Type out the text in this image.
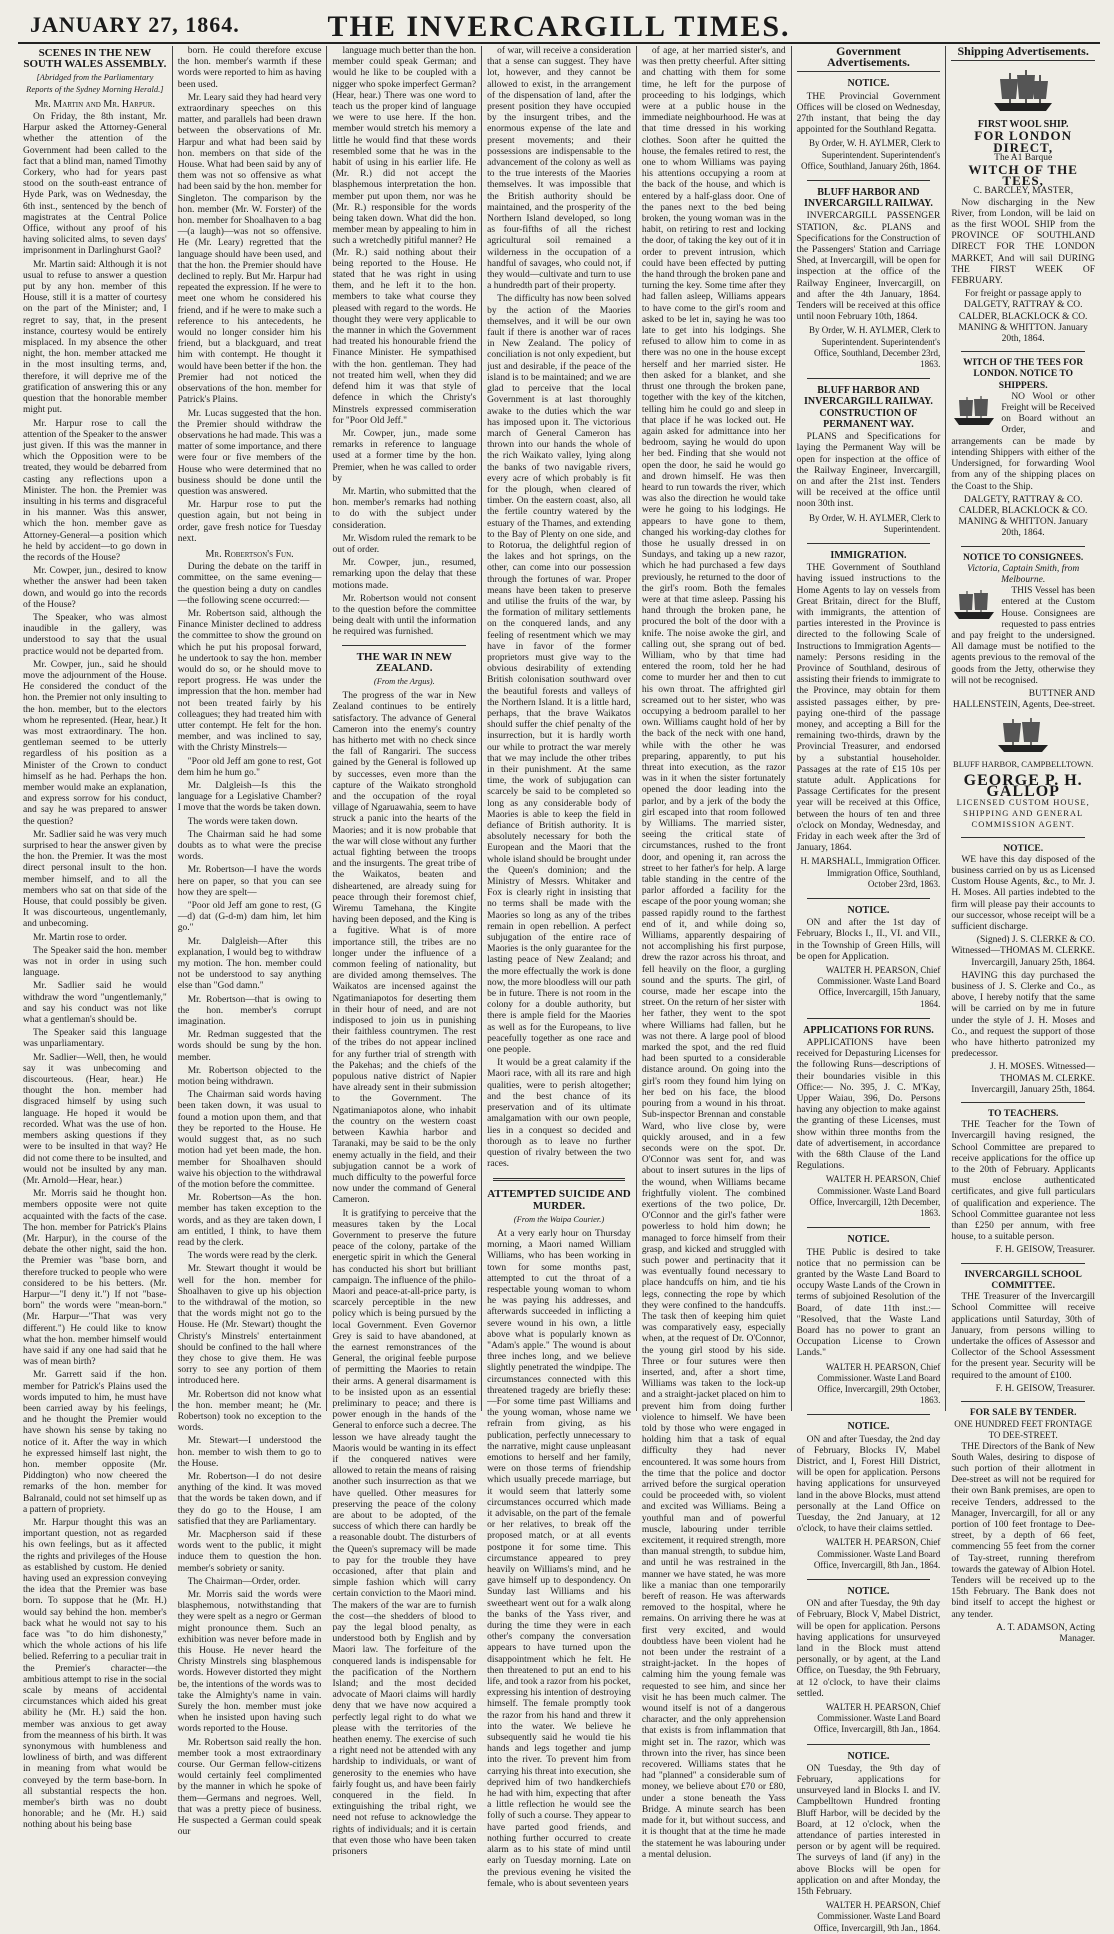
JANUARY 27, 1864.	THE INVERCARGILL TIMES.
SCENES IN THE NEW SOUTH WALES ASSEMBLY.
[Abridged from the Parliamentary Reports of the Sydney Morning Herald.]
Mr. Martin and Mr. Harpur.

On Friday, the 8th instant, Mr. Harpur asked the Attorney-General whether the attention of the Government had been called to the fact that a blind man, named Timothy Corkery, who had for years past stood on the south-east entrance of Hyde Park, was on Wednesday, the 6th inst., sentenced by the bench of magistrates at the Central Police Office, without any proof of his having solicited alms, to seven days' imprisonment in Darlinghurst Gaol?

Mr. Martin said: Although it is not usual to refuse to answer a question put by any hon. member of this House, still it is a matter of courtesy on the part of the Minister; and, I regret to say, that, in the present instance, courtesy would be entirely misplaced. In my absence the other night, the hon. member attacked me in the most insulting terms, and, therefore, it will deprive me of the gratification of answering this or any question that the honorable member might put.

Mr. Harpur rose to call the attention of the Speaker to the answer just given. If this was the manner in which the Opposition were to be treated, they would be debarred from casting any reflections upon a Minister. The hon. the Premier was insulting in his terms and disgraceful in his manner. Was this answer, which the hon. member gave as Attorney-General—a position which he held by accident—to go down in the records of the House?

Mr. Cowper, jun., desired to know whether the answer had been taken down, and would go into the records of the House?

The Speaker, who was almost inaudible in the gallery, was understood to say that the usual practice would not be departed from.

Mr. Cowper, jun., said he should move the adjournment of the House. He considered the conduct of the hon. the Premier not only insulting to the hon. member, but to the electors whom he represented. (Hear, hear.) It was most extraordinary. The hon. gentleman seemed to be utterly regardless of his position as a Minister of the Crown to conduct himself as he had. Perhaps the hon. member would make an explanation, and express sorrow for his conduct, and say he was prepared to answer the question?

Mr. Sadlier said he was very much surprised to hear the answer given by the hon. the Premier. It was the most direct personal insult to the hon. member himself, and to all the members who sat on that side of the House, that could possibly be given. It was discourteous, ungentlemanly, and unbecoming.

Mr. Martin rose to order.

The Speaker said the hon. member was not in order in using such language.

Mr. Sadlier said he would withdraw the word "ungentlemanly," and say his conduct was not like what a gentleman's should be.

The Speaker said this language was unparliamentary.

Mr. Sadlier—Well, then, he would say it was unbecoming and discourteous. (Hear, hear.) He thought the hon. member had disgraced himself by using such language. He hoped it would be recorded. What was the use of hon. members asking questions if they were to be insulted in that way? He did not come there to be insulted, and would not be insulted by any man. (Mr. Arnold—Hear, hear.)

Mr. Morris said he thought hon. members opposite were not quite acquainted with the facts of the case. The hon. member for Patrick's Plains (Mr. Harpur), in the course of the debate the other night, said the hon. the Premier was "base born, and therefore trucked to people who were considered to be his betters. (Mr. Harpur—"I deny it.") If not "base-born" the words were "mean-born." (Mr. Harpur—"That was very different.") He could like to know what the hon. member himself would have said if any one had said that he was of mean birth?

Mr. Garrett said if the hon. member for Patrick's Plains used the words imputed to him, he must have been carried away by his feelings, and he thought the Premier would have shown his sense by taking no notice of it. After the way in which he expressed himself last night, the hon. member opposite (Mr. Piddington) who now cheered the remarks of the hon. member for Balranald, could not set himself up as a pattern of propriety.

Mr. Harpur thought this was an important question, not as regarded his own feelings, but as it affected the rights and privileges of the House as established by custom. He denied having used an expression conveying the idea that the Premier was base born. To suppose that he (Mr. H.) would say behind the hon. member's back what he would not say to his face was "to do him dishonesty," which the whole actions of his life belied. Referring to a peculiar trait in the Premier's character—the ambitious attempt to rise in the social scale by means of accidental circumstances which aided his great ability he (Mr. H.) said the hon. member was anxious to get away from the meanness of his birth. It was synonymous with humbleness and lowliness of birth, and was different in meaning from what would be conveyed by the term base-born. In all substantial respects the hon. member's birth was no doubt honorable; and he (Mr. H.) said nothing about his being base

born. He could therefore excuse the hon. member's warmth if these words were reported to him as having been used.

Mr. Leary said they had heard very extraordinary speeches on this matter, and parallels had been drawn between the observations of Mr. Harpur and what had been said by hon. members on that side of the House. What had been said by any of them was not so offensive as what had been said by the hon. member for Singleton. The comparison by the hon. member (Mr. W. Forster) of the hon. member for Shoalhaven to a bag—(a laugh)—was not so offensive. He (Mr. Leary) regretted that the language should have been used, and that the hon. the Premier should have declined to reply. But Mr. Harpur had repeated the expression. If he were to meet one whom he considered his friend, and if he were to make such a reference to his antecedents, he would no longer consider him his friend, but a blackguard, and treat him with contempt. He thought it would have been better if the hon. the Premier had not noticed the observations of the hon. member for Patrick's Plains.

Mr. Lucas suggested that the hon. the Premier should withdraw the observations he had made. This was a matter of some importance, and there were four or five members of the House who were determined that no business should be done until the question was answered.

Mr. Harpur rose to put the question again, but not being in order, gave fresh notice for Tuesday next.

Mr. Robertson's Fun.

During the debate on the tariff in committee, on the same evening—the question being a duty on candles—the following scene occurred:—

Mr. Robertson said, although the Finance Minister declined to address the committee to show the ground on which he put his proposal forward, he undertook to say the hon. member would do so, or he should move to report progress. He was under the impression that the hon. member had not been treated fairly by his colleagues; they had treated him with utter contempt. He felt for the hon. member, and was inclined to say, with the Christy Minstrels—

"Poor old Jeff am gone to rest, Got dem him he hum go."

Mr. Dalgleish—Is this the language for a Legislative Chamber? I move that the words be taken down.

The words were taken down.

The Chairman said he had some doubts as to what were the precise words.

Mr. Robertson—I have the words here on paper, so that you can see how they are spelt—

"Poor old Jeff am gone to rest, (G—d) dat (G-d-m) dam him, let him go."

Mr. Dalgleish—After this explanation, I would beg to withdraw my motion. The hon. member could not be understood to say anything else than "God damn."

Mr. Robertson—that is owing to the hon. member's corrupt imagination.

Mr. Redman suggested that the words should be sung by the hon. member.

Mr. Robertson objected to the motion being withdrawn.

The Chairman said words having been taken down, it was usual to found a motion upon them, and that they be reported to the House. He would suggest that, as no such motion had yet been made, the hon. member for Shoalhaven should waive his objection to the withdrawal of the motion before the committee.

Mr. Robertson—As the hon. member has taken exception to the words, and as they are taken down, I am entitled, I think, to have them read by the clerk.

The words were read by the clerk.

Mr. Stewart thought it would be well for the hon. member for Shoalhaven to give up his objection to the withdrawal of the motion, so that the words might not go to the House. He (Mr. Stewart) thought the Christy's Minstrels' entertainment should be confined to the hall where they chose to give them. He was sorry to see any portion of them introduced here.

Mr. Robertson did not know what the hon. member meant; he (Mr. Robertson) took no exception to the words.

Mr. Stewart—I understood the hon. member to wish them to go to the House.

Mr. Robertson—I do not desire anything of the kind. It was moved that the words be taken down, and if they do go to the House, I am satisfied that they are Parliamentary.

Mr. Macpherson said if these words went to the public, it might induce them to question the hon. member's sobriety or sanity.

The Chairman—Order, order.

Mr. Morris said the words were blasphemous, notwithstanding that they were spelt as a negro or German might pronounce them. Such an exhibition was never before made in this House. He never heard the Christy Minstrels sing blasphemous words. However distorted they might be, the intentions of the words was to take the Almighty's name in vain. Surely the hon. member must joke when he insisted upon having such words reported to the House.

Mr. Robertson said really the hon. member took a most extraordinary course. Our German fellow-citizens would certainly feel complimented by the manner in which he spoke of them—Germans and negroes. Well, that was a pretty piece of business. He suspected a German could speak our

language much better than the hon. member could speak German; and would he like to be coupled with a nigger who spoke imperfect German? (Hear, hear.) There was one word to teach us the proper kind of language we were to use here. If the hon. member would stretch his memory a little he would find that these words resembled some that he was in the habit of using in his earlier life. He (Mr. R.) did not accept the blasphemous interpretation the hon. member put upon them, nor was he (Mr. R.) responsible for the words being taken down. What did the hon. member mean by appealing to him in such a wretchedly pitiful manner? He (Mr. R.) said nothing about their being reported to the House. He stated that he was right in using them, and he left it to the hon. members to take what course they pleased with regard to the words. He thought they were very applicable to the manner in which the Government had treated his honourable friend the Finance Minister. He sympathised with the hon. gentleman. They had not treated him well, when they did defend him it was that style of defence in which the Christy's Minstrels expressed commiseration for "Poor Old Jeff."

Mr. Cowper, jun., made some remarks in reference to language used at a former time by the hon. Premier, when he was called to order by

Mr. Martin, who submitted that the hon. member's remarks had nothing to do with the subject under consideration.

Mr. Wisdom ruled the remark to be out of order.

Mr. Cowper, jun., resumed, remarking upon the delay that these motions made.

Mr. Robertson would not consent to the question before the committee being dealt with until the information he required was furnished.

THE WAR IN NEW ZEALAND.
(From the Argus).

The progress of the war in New Zealand continues to be entirely satisfactory. The advance of General Cameron into the enemy's country has hitherto met with no check since the fall of Rangariri. The success gained by the General is followed up by successes, even more than the capture of the Waikato stronghold and the occupation of the royal village of Ngaruawahia, seem to have struck a panic into the hearts of the Maories; and it is now probable that the war will close without any further actual fighting between the troops and the insurgents. The great tribe of the Waikatos, beaten and disheartened, are already suing for peace through their foremost chief, Wiremu Tamehana, the Kingite having been deposed, and the King is a fugitive. What is of more importance still, the tribes are no longer under the influence of a common feeling of nationality, but are divided among themselves. The Waikatos are incensed against the Ngatimaniapotos for deserting them in their hour of need, and are not indisposed to join us in punishing their faithless countrymen. The rest of the tribes do not appear inclined for any further trial of strength with the Pakehas; and the chiefs of the populous native district of Napier have already sent in their submission to the Government. The Ngatimaniapotos alone, who inhabit the country on the western coast between Kawhia harbor and Taranaki, may be said to be the only enemy actually in the field, and their subjugation cannot be a work of much difficulty to the powerful force now under the command of General Cameron.

It is gratifying to perceive that the measures taken by the Local Government to preserve the future peace of the colony, partake of the energetic spirit in which the General has conducted his short but brilliant campaign. The influence of the philo-Maori and peace-at-all-price party, is scarcely perceptible in the new policy which is being pursued by the local Government. Even Governor Grey is said to have abandoned, at the earnest remonstrances of the General, the original feeble purpose of permitting the Maories to retain their arms. A general disarmament is to be insisted upon as an essential preliminary to peace; and there is power enough in the hands of the General to enforce such a decree. The lesson we have already taught the Maoris would be wanting in its effect if the conquered natives were allowed to retain the means of raising another such insurrection as that we have quelled. Other measures for preserving the peace of the colony are about to be adopted, of the success of which there can hardly be a reasonable doubt. The disturbers of the Queen's supremacy will be made to pay for the trouble they have occasioned, after that plain and simple fashion which will carry certain conviction to the Maori mind. The makers of the war are to furnish the cost—the shedders of blood to pay the legal blood penalty, as understood both by English and by Maori law. The forfeiture of the conquered lands is indispensable for the pacification of the Northern Island; and the most decided advocate of Maori claims will hardly deny that we have now acquired a perfectly legal right to do what we please with the territories of the heathen enemy. The exercise of such a right need not be attended with any hardship to individuals, or want of generosity to the enemies who have fairly fought us, and have been fairly conquered in the field. In extinguishing the tribal right, we need not refuse to acknowledge the rights of individuals; and it is certain that even those who have been taken prisoners

of war, will receive a consideration that a sense can suggest. They have lot, however, and they cannot be allowed to exist, in the arrangement of the dispensation of land, after the present position they have occupied by the insurgent tribes, and the enormous expense of the late and present movements; and their possessions are indispensable to the advancement of the colony as well as to the true interests of the Maories themselves. It was impossible that the British authority should be maintained, and the prosperity of the Northern Island developed, so long as four-fifths of all the richest agricultural soil remained a wilderness in the occupation of a handful of savages, who could not, if they would—cultivate and turn to use a hundredth part of their property.

The difficulty has now been solved by the action of the Maories themselves, and it will be our own fault if there is another war of races in New Zealand. The policy of conciliation is not only expedient, but just and desirable, if the peace of the island is to be maintained; and we are glad to perceive that the local Government is at last thoroughly awake to the duties which the war has imposed upon it. The victorious march of General Cameron has thrown into our hands the whole of the rich Waikato valley, lying along the banks of two navigable rivers, every acre of which probably is fit for the plough, when cleared of timber. On the eastern coast, also, all the fertile country watered by the estuary of the Thames, and extending to the Bay of Plenty on one side, and to Rotorua, the delightful region of the lakes and hot springs, on the other, can come into our possession through the fortunes of war. Proper means have been taken to preserve and utilise the fruits of the war, by the formation of military settlements on the conquered lands, and any feeling of resentment which we may have in favor of the former proprietors must give way to the obvious desirability of extending British colonisation southward over the beautiful forests and valleys of the Northern Island. It is a little hard, perhaps, that the brave Waikatos should suffer the chief penalty of the insurrection, but it is hardly worth our while to protract the war merely that we may include the other tribes in their punishment. At the same time, the work of subjugation can scarcely be said to be completed so long as any considerable body of Maories is able to keep the field in defiance of British authority. It is absolutely necessary for both the European and the Maori that the whole island should be brought under the Queen's dominion; and the Ministry of Messrs. Whitaker and Fox is clearly right in insisting that no terms shall be made with the Maories so long as any of the tribes remain in open rebellion. A perfect subjugation of the entire race of Maories is the only guarantee for the lasting peace of New Zealand; and the more effectually the work is done now, the more bloodless will our path be in future. There is not room in the colony for a double authority, but there is ample field for the Maories as well as for the Europeans, to live peacefully together as one race and one people.

It would be a great calamity if the Maori race, with all its rare and high qualities, were to perish altogether; and the best chance of its preservation and of its ultimate amalgamation with our own people, lies in a conquest so decided and thorough as to leave no further question of rivalry between the two races.

ATTEMPTED SUICIDE AND MURDER.
(From the Waipa Courier.)

At a very early hour on Thursday morning, a Maori named William Williams, who has been working in town for some months past, attempted to cut the throat of a respectable young woman to whom he was paying his addresses, and afterwards succeeded in inflicting a severe wound in his own, a little above what is popularly known as "Adam's apple." The wound is about three inches long, and we believe slightly penetrated the windpipe. The circumstances connected with this threatened tragedy are briefly these:—For some time past Williams and the young woman, whose name we refrain from giving, as his publication, perfectly unnecessary to the narrative, might cause unpleasant emotions to herself and her family, were on those terms of friendship which usually precede marriage, but it would seem that latterly some circumstances occurred which made it advisable, on the part of the female or her relatives, to break off the proposed match, or at all events postpone it for some time. This circumstance appeared to prey heavily on Williams's mind, and he gave himself up to despondency. On Sunday last Williams and his sweetheart went out for a walk along the banks of the Yass river, and during the time they were in each other's company the conversation appears to have turned upon the disappointment which he felt. He then threatened to put an end to his life, and took a razor from his pocket, expressing his intention of destroying himself. The female promptly took the razor from his hand and threw it into the water. We believe he subsequently said he would tie his hands and legs together and jump into the river. To prevent him from carrying his threat into execution, she deprived him of two handkerchiefs he had with him, expecting that after a little reflection he would see the folly of such a course. They appear to have parted good friends, and nothing further occurred to create alarm as to his state of mind until early on Tuesday morning. Late on the previous evening he visited the female, who is about seventeen years

of age, at her married sister's, and was then pretty cheerful. After sitting and chatting with them for some time, he left for the purpose of proceeding to his lodgings, which were at a public house in the immediate neighbourhood. He was at that time dressed in his working clothes. Soon after he quitted the house, the females retired to rest, the one to whom Williams was paying his attentions occupying a room at the back of the house, and which is entered by a half-glass door. One of the panes next to the bed being broken, the young woman was in the habit, on retiring to rest and locking the door, of taking the key out of it in order to prevent intrusion, which could have been effected by putting the hand through the broken pane and turning the key. Some time after they had fallen asleep, Williams appears to have come to the girl's room and asked to be let in, saying he was too late to get into his lodgings. She refused to allow him to come in as there was no one in the house except herself and her married sister. He then asked for a blanket, and she thrust one through the broken pane, together with the key of the kitchen, telling him he could go and sleep in that place if he was locked out. He again asked for admittance into her bedroom, saying he would do upon her bed. Finding that she would not open the door, he said he would go and drown himself. He was then heard to run towards the river, which was also the direction he would take were he going to his lodgings. He appears to have gone to them, changed his working-day clothes for those he usually dressed in on Sundays, and taking up a new razor, which he had purchased a few days previously, he returned to the door of the girl's room. Both the females were at that time asleep. Passing his hand through the broken pane, he procured the bolt of the door with a knife. The noise awoke the girl, and calling out, she sprang out of bed. William, who by that time had entered the room, told her he had come to murder her and then to cut his own throat. The affrighted girl screamed out to her sister, who was occupying a bedroom parallel to her own. Williams caught hold of her by the back of the neck with one hand, while with the other he was preparing, apparently, to put his threat into execution, as the razor was in it when the sister fortunately opened the door leading into the parlor, and by a jerk of the body the girl escaped into that room followed by Williams. The married sister, seeing the critical state of circumstances, rushed to the front door, and opening it, ran across the street to her father's for help. A large table standing in the centre of the parlor afforded a facility for the escape of the poor young woman; she passed rapidly round to the farthest end of it, and while doing so, Williams, apparently despairing of not accomplishing his first purpose, drew the razor across his throat, and fell heavily on the floor, a gurgling sound and the spurts. The girl, of course, made her escape into the street. On the return of her sister with her father, they went to the spot where Williams had fallen, but he was not there. A large pool of blood marked the spot, and the red fluid had been spurted to a considerable distance around. On going into the girl's room they found him lying on her bed on his face, the blood pouring from a wound in his throat. Sub-inspector Brennan and constable Ward, who live close by, were quickly aroused, and in a few seconds were on the spot. Dr. O'Connor was sent for, and was about to insert sutures in the lips of the wound, when Williams became frightfully violent. The combined exertions of the two police, Dr. O'Connor and the girl's father were powerless to hold him down; he managed to force himself from their grasp, and kicked and struggled with such power and pertinacity that it was eventually found necessary to place handcuffs on him, and tie his legs, connecting the rope by which they were confined to the handcuffs. The task then of keeping him quiet was comparatively easy, especially when, at the request of Dr. O'Connor, the young girl stood by his side. Three or four sutures were then inserted, and, after a short time, Williams was taken to the lock-up and a straight-jacket placed on him to prevent him from doing further violence to himself. We have been told by those who were engaged in holding him that a task of equal difficulty they had never encountered. It was some hours from the time that the police and doctor arrived before the surgical operation could be proceeded with, so violent and excited was Williams. Being a youthful man and of powerful muscle, labouring under terrible excitement, it required strength, more than manual strength, to subdue him, and until he was restrained in the manner we have stated, he was more like a maniac than one temporarily bereft of reason. He was afterwards removed to the hospital, where he remains. On arriving there he was at first very excited, and would doubtless have been violent had he not been under the restraint of a straight-jacket. In the hopes of calming him the young female was requested to see him, and since her visit he has been much calmer. The wound itself is not of a dangerous character, and the only apprehension that exists is from inflammation that might set in. The razor, which was thrown into the river, has since been recovered. Williams states that he had "planned" a considerable sum of money, we believe about £70 or £80, under a stone beneath the Yass Bridge. A minute search has been made for it, but without success, and it is thought that at the time he made the statement he was labouring under a mental delusion.

Government Advertisements.
NOTICE.

THE Provincial Government Offices will be closed on Wednesday, 27th instant, that being the day appointed for the Southland Regatta.

By Order, W. H. AYLMER, Clerk to Superintendent. Superintendent's Office, Southland, January 26th, 1864.
BLUFF HARBOR AND INVERCARGILL RAILWAY.

INVERCARGILL PASSENGER STATION, &c. PLANS and Specifications for the Construction of the Passengers' Station and Carriage Shed, at Invercargill, will be open for inspection at the office of the Railway Engineer, Invercargill, on and after the 4th January, 1864. Tenders will be received at this office until noon February 10th, 1864.

By Order, W. H. AYLMER, Clerk to Superintendent. Superintendent's Office, Southland, December 23rd, 1863.
BLUFF HARBOR AND INVERCARGILL RAILWAY. CONSTRUCTION OF PERMANENT WAY.

PLANS and Specifications for laying the Permanent Way will be open for inspection at the office of the Railway Engineer, Invercargill, on and after the 21st inst. Tenders will be received at the office until noon 30th inst.

By Order, W. H. AYLMER, Clerk to Superintendent.
IMMIGRATION.

THE Government of Southland having issued instructions to the Home Agents to lay on vessels from Great Britain, direct for the Bluff, with immigrants, the attention of parties interested in the Province is directed to the following Scale of Instructions to Immigration Agents—namely: Persons residing in the Province of Southland, desirous of assisting their friends to immigrate to the Province, may obtain for them assisted passages either, by pre-paying one-third of the passage money, and accepting a Bill for the remaining two-thirds, drawn by the Provincial Treasurer, and endorsed by a substantial householder. Passages at the rate of £15 10s per statute adult. Applications for Passage Certificates for the present year will be received at this Office, between the hours of ten and three o'clock on Monday, Wednesday, and Friday in each week after the 3rd of January, 1864.

H. MARSHALL, Immigration Officer. Immigration Office, Southland, October 23rd, 1863.
NOTICE.

ON and after the 1st day of February, Blocks I., II., VI. and VII., in the Township of Green Hills, will be open for Application.

WALTER H. PEARSON, Chief Commissioner. Waste Land Board Office, Invercargill, 15th January, 1864.
APPLICATIONS FOR RUNS.

APPLICATIONS have been received for Depasturing Licenses for the following Runs—descriptions of their boundaries visible in this Office:— No. 395, J. C. M'Kay, Upper Waiau, 396, Do. Persons having any objection to make against the granting of these Licenses, must show within three months from the date of advertisement, in accordance with the 68th Clause of the Land Regulations.

WALTER H. PEARSON, Chief Commissioner. Waste Land Board Office, Invercargill, 12th December, 1863.
NOTICE.

THE Public is desired to take notice that no permission can be granted by the Waste Land Board to occupy Waste Lands of the Crown in terms of subjoined Resolution of the Board, of date 11th inst.:— "Resolved, that the Waste Land Board has no power to grant an Occupation License to Crown Lands."

WALTER H. PEARSON, Chief Commissioner. Waste Land Board Office, Invercargill, 29th October, 1863.
NOTICE.

ON and after Tuesday, the 2nd day of February, Blocks IV, Mabel District, and I, Forest Hill District, will be open for application. Persons having applications for unsurveyed land in the above Blocks, must attend personally at the Land Office on Tuesday, the 2nd January, at 12 o'clock, to have their claims settled.

WALTER H. PEARSON, Chief Commissioner. Waste Land Board Office, Invercargill, 8th Jan., 1864.
NOTICE.

ON and after Tuesday, the 9th day of February, Block V, Mabel District, will be open for application. Persons having applications for unsurveyed land in the Block must attend personally, or by agent, at the Land Office, on Tuesday, the 9th February, at 12 o'clock, to have their claims settled.

WALTER H. PEARSON, Chief Commissioner. Waste Land Board Office, Invercargill, 8th Jan., 1864.
NOTICE.

ON Tuesday, the 9th day of February, applications for unsurveyed land in Blocks I. and IV. Campbelltown Hundred fronting Bluff Harbor, will be decided by the Board, at 12 o'clock, when the attendance of parties interested in person or by agent will be required. The surveys of land (if any) in the above Blocks will be open for application on and after Monday, the 15th February.

WALTER H. PEARSON, Chief Commissioner. Waste Land Board Office, Invercargill, 9th Jan., 1864.
Shipping Advertisements.
FIRST WOOL SHIP.
FOR LONDON DIRECT,
The A1 Barque
WITCH OF THE TEES,
C. BARCLEY, MASTER,

Now discharging in the New River, from London, will be laid on as the first WOOL SHIP from the PROVINCE OF SOUTHLAND DIRECT FOR THE LONDON MARKET, And will sail DURING THE FIRST WEEK OF FEBRUARY.

For freight or passage apply to DALGETY, RATTRAY & CO. CALDER, BLACKLOCK & CO. MANING & WHITTON. January 20th, 1864.

WITCH OF THE TEES FOR LONDON. NOTICE TO SHIPPERS.

NO Wool or other Freight will be Received on Board without an Order, and arrangements can be made by intending Shippers with either of the Undersigned, for forwarding Wool from any of the shipping places on the Coast to the Ship.

DALGETY, RATTRAY & CO. CALDER, BLACKLOCK & CO. MANING & WHITTON. January 20th, 1864.

NOTICE TO CONSIGNEES.
Victoria, Captain Smith, from Melbourne.

THIS Vessel has been entered at the Custom House. Consignees are requested to pass entries and pay freight to the undersigned. All damage must be notified to the agents previous to the removal of the goods from the Jetty, otherwise they will not be recognised.

BUTTNER AND HALLENSTEIN, Agents, Dee-street.

BLUFF HARBOR, CAMPBELLTOWN.
GEORGE P. H. GALLOP
LICENSED CUSTOM HOUSE, SHIPPING AND GENERAL COMMISSION AGENT.
NOTICE.

WE have this day disposed of the business carried on by us as Licensed Custom House Agents, &c., to Mr. J. H. Moses. All parties indebted to the firm will please pay their accounts to our successor, whose receipt will be a sufficient discharge.

(Signed) J. S. CLERKE & CO. Witnessed—THOMAS M. CLERKE. Invercargill, January 25th, 1864.

HAVING this day purchased the business of J. S. Clerke and Co., as above, I hereby notify that the same will be carried on by me in future under the style of J. H. Moses and Co., and request the support of those who have hitherto patronized my predecessor.

J. H. MOSES. Witnessed—THOMAS M. CLERKE. Invercargill, January 25th, 1864.

TO TEACHERS.

THE Teacher for the Town of Invercargill having resigned, the School Committee are prepared to receive applications for the office up to the 20th of February. Applicants must enclose authenticated certificates, and give full particulars of qualification and experience. The School Committee guarantee not less than £250 per annum, with free house, to a suitable person.

F. H. GEISOW, Treasurer.

INVERCARGILL SCHOOL COMMITTEE.

THE Treasurer of the Invercargill School Committee will receive applications until Saturday, 30th of January, from persons willing to undertake the offices of Assessor and Collector of the School Assessment for the present year. Security will be required to the amount of £100.

F. H. GEISOW, Treasurer.

FOR SALE BY TENDER.
ONE HUNDRED FEET FRONTAGE TO DEE-STREET.

THE Directors of the Bank of New South Wales, desiring to dispose of such portion of their allotment in Dee-street as will not be required for their own Bank premises, are open to receive Tenders, addressed to the Manager, Invercargill, for all or any portion of 100 feet frontage to Dee-street, by a depth of 66 feet, commencing 55 feet from the corner of Tay-street, running therefrom towards the gateway of Albion Hotel. Tenders will be received up to the 15th February. The Bank does not bind itself to accept the highest or any tender.

A. T. ADAMSON, Acting Manager.
